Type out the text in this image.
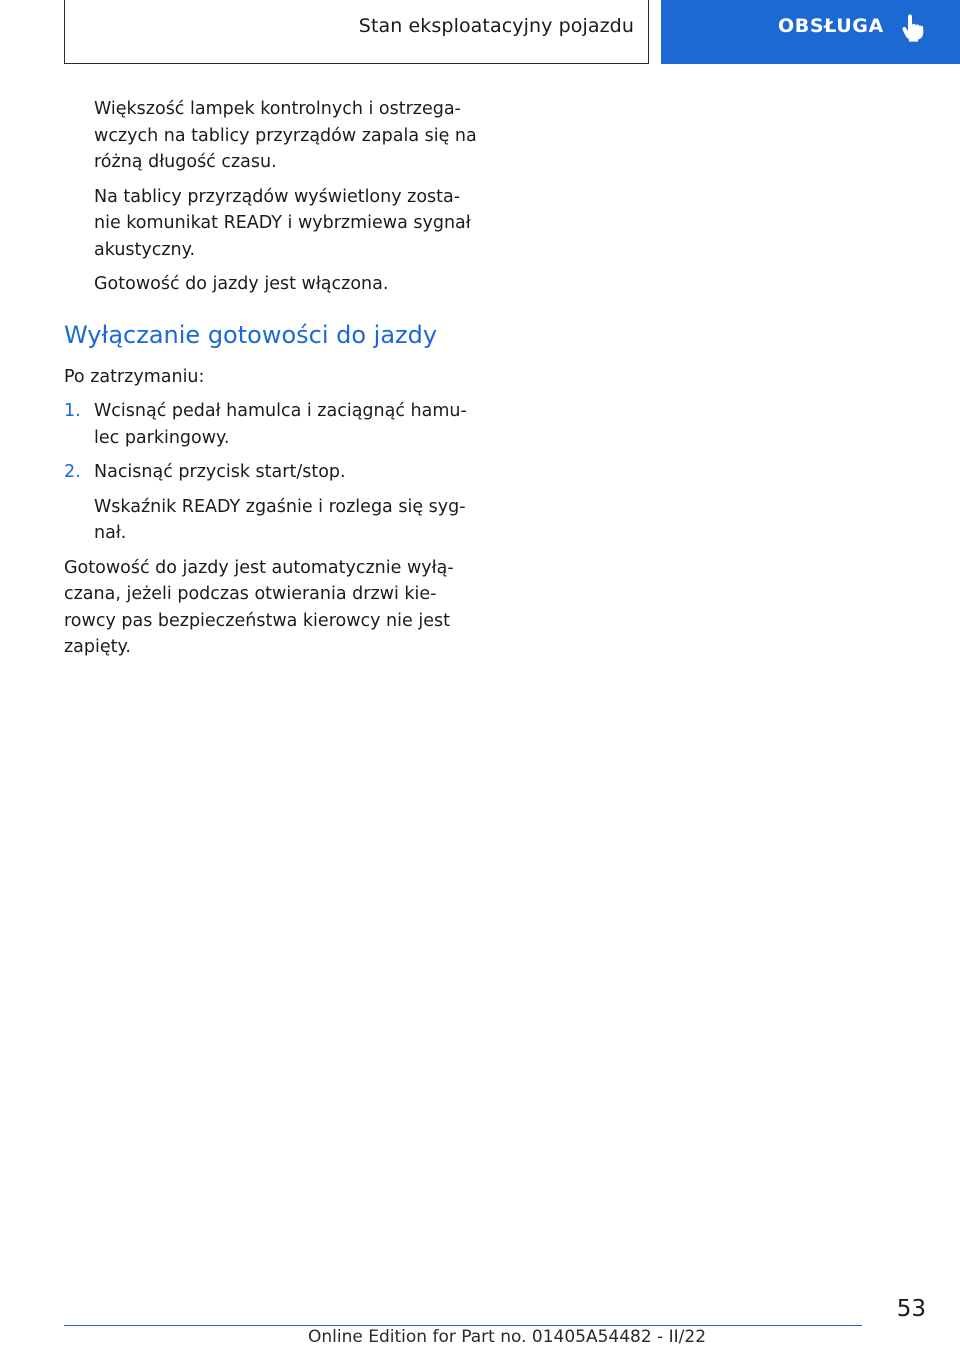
Stan eksploatacyjny pojazdu	OBSŁUGA
Większość lampek kontrolnych i ostrzega‐
wczych na tablicy przyrządów zapala się na
różną długość czasu.
Na tablicy przyrządów wyświetlony zosta‐
nie komunikat READY i wybrzmiewa sygnał
akustyczny.
Gotowość do jazdy jest włączona.
Wyłączanie gotowości do jazdy
Po zatrzymaniu:
1. Wcisnąć pedał hamulca i zaciągnąć hamu‐
lec parkingowy.
2. Nacisnąć przycisk start/stop.
Wskaźnik READY zgaśnie i rozlega się syg‐
nał.
Gotowość do jazdy jest automatycznie wyłą‐
czana, jeżeli podczas otwierania drzwi kie‐
rowcy pas bezpieczeństwa kierowcy nie jest
zapięty.
53
Online Edition for Part no. 01405A54482 - II/22
